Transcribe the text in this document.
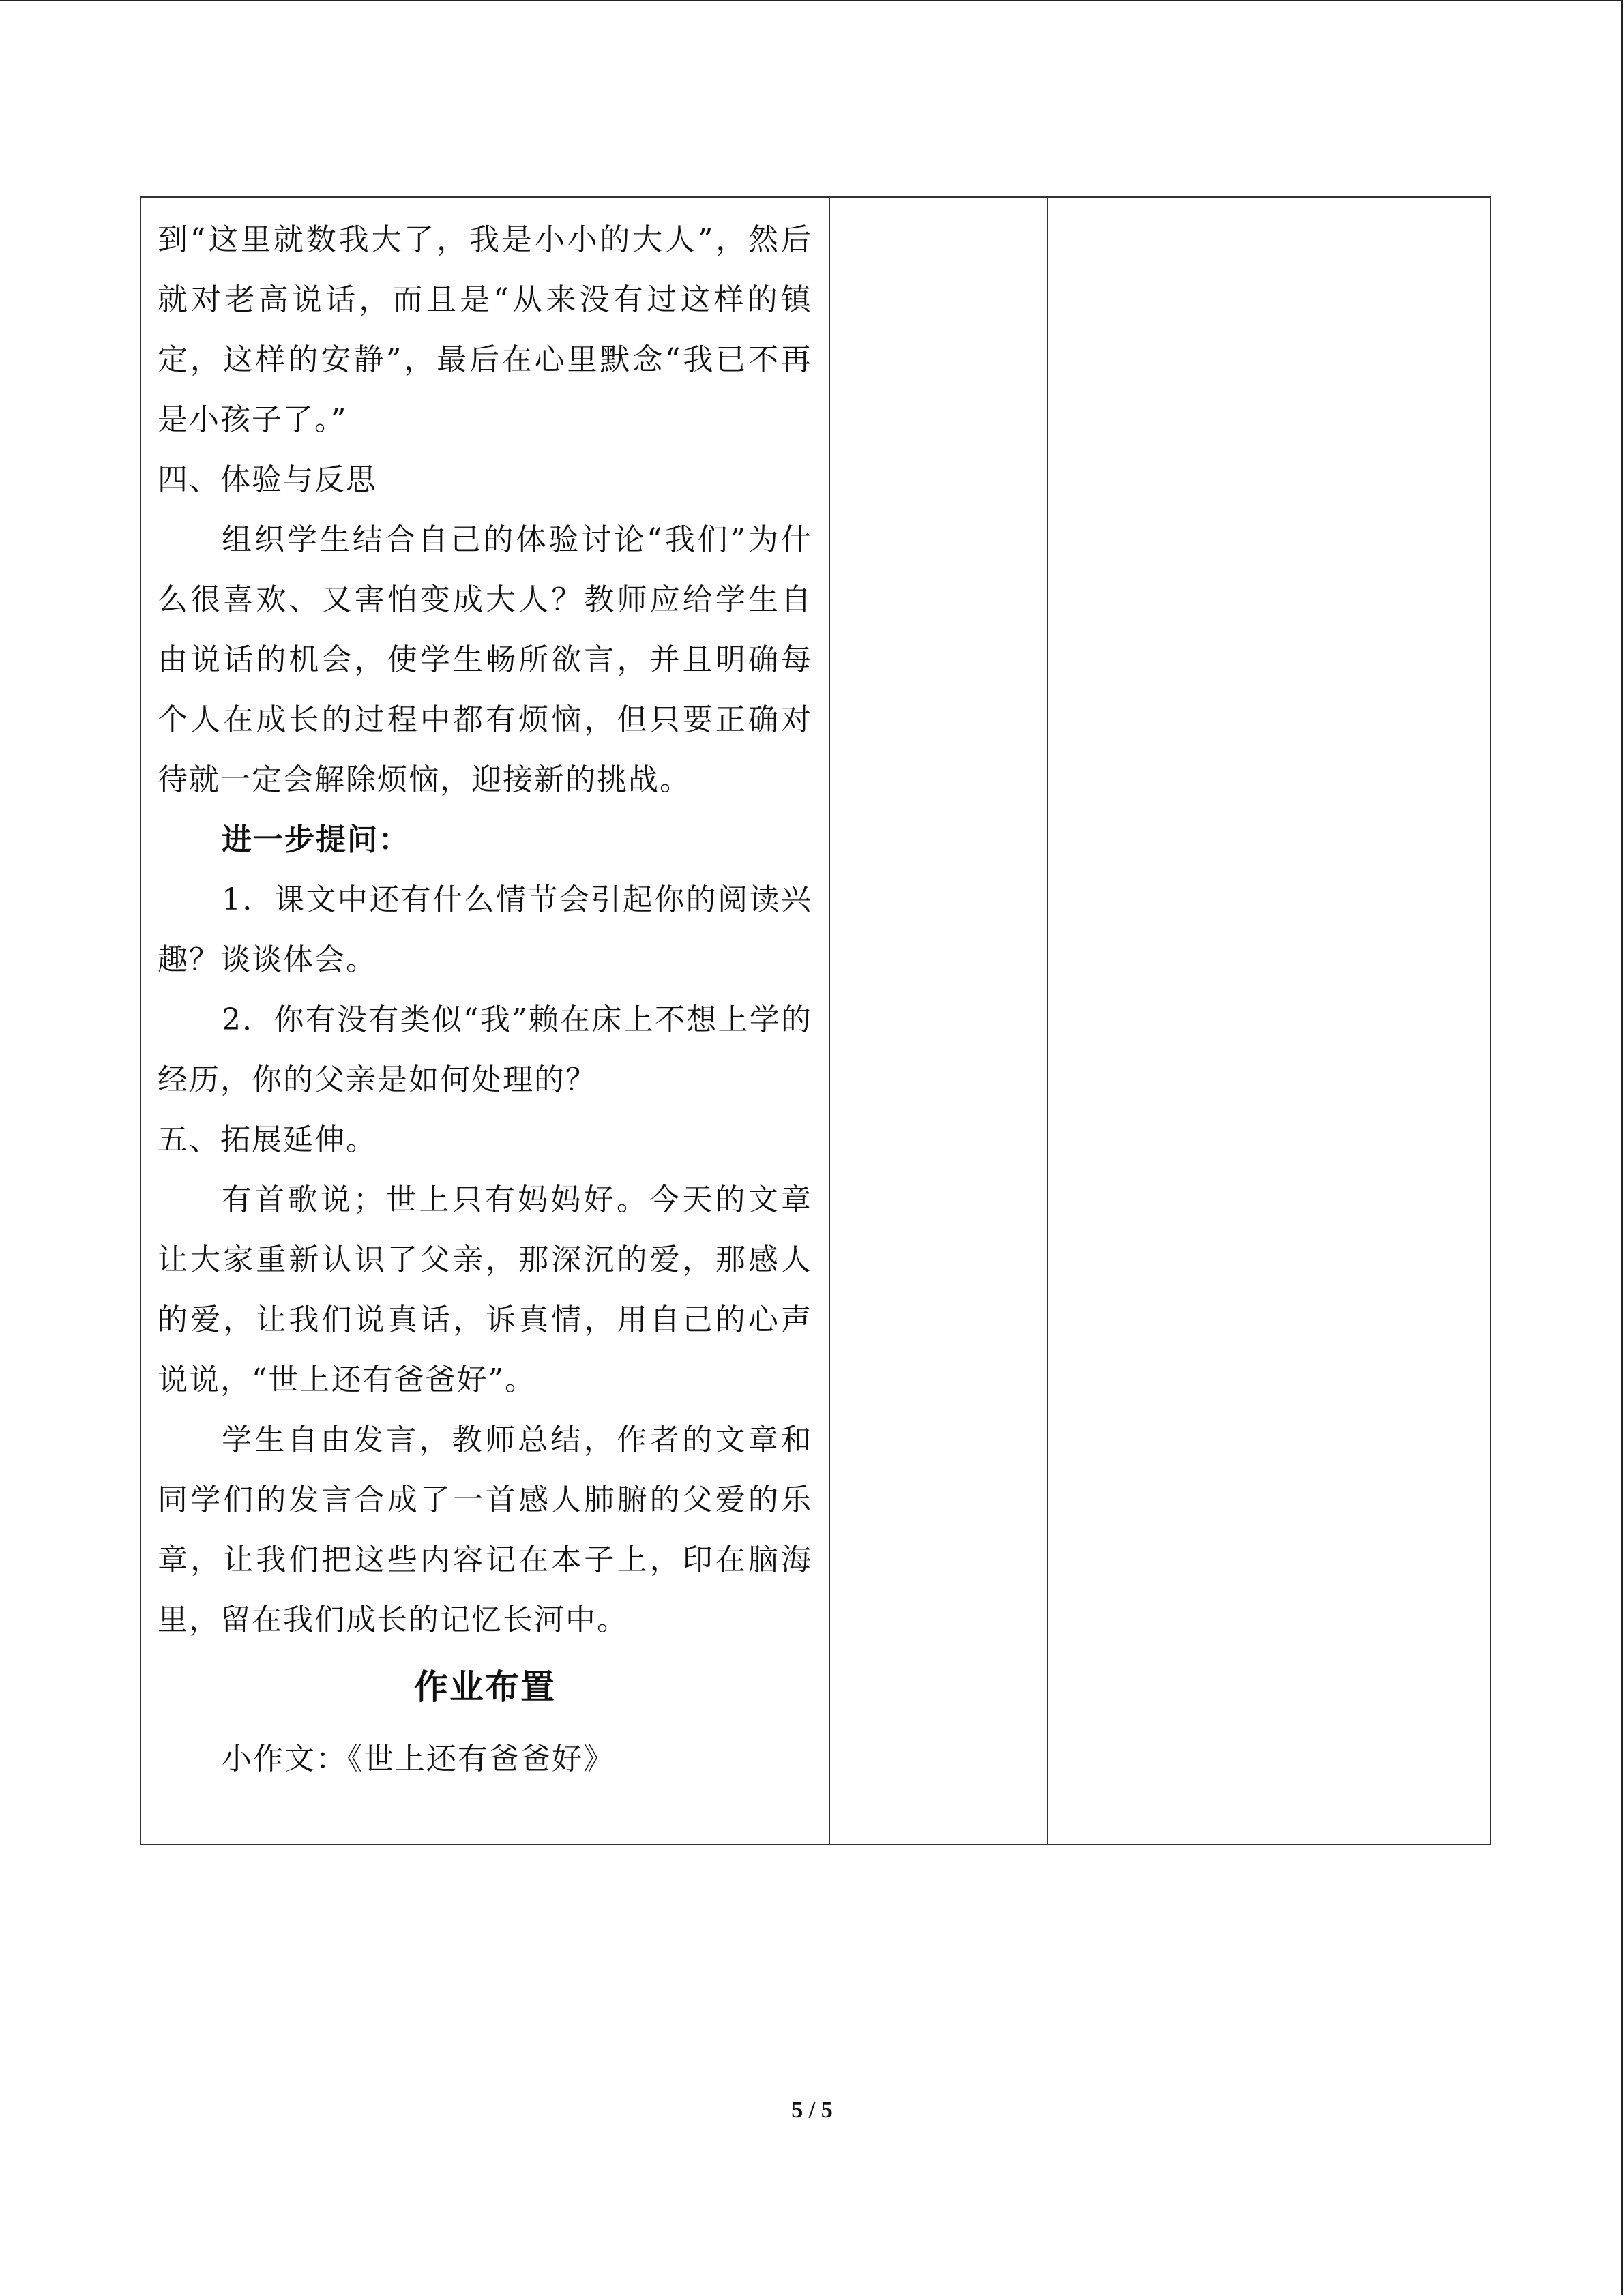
到“这里就数我大了，我是小小的大人”，然后就对老高说话，而且是“从来没有过这样的镇定，这样的安静”，最后在心里默念“我已不再是小孩子了。”

四、体验与反思

组织学生结合自己的体验讨论“我们”为什么很喜欢、又害怕变成大人？教师应给学生自由说话的机会，使学生畅所欲言，并且明确每个人在成长的过程中都有烦恼，但只要正确对待就一定会解除烦恼，迎接新的挑战。

进一步提问：

1．课文中还有什么情节会引起你的阅读兴趣？谈谈体会。

2．你有没有类似“我”赖在床上不想上学的经历，你的父亲是如何处理的？

五、拓展延伸。

有首歌说；世上只有妈妈好。今天的文章让大家重新认识了父亲，那深沉的爱，那感人的爱，让我们说真话，诉真情，用自己的心声说说，“世上还有爸爸好”。

学生自由发言，教师总结，作者的文章和同学们的发言合成了一首感人肺腑的父爱的乐章，让我们把这些内容记在本子上，印在脑海里，留在我们成长的记忆长河中。

作业布置

小作文：《世上还有爸爸好》

5 / 5
